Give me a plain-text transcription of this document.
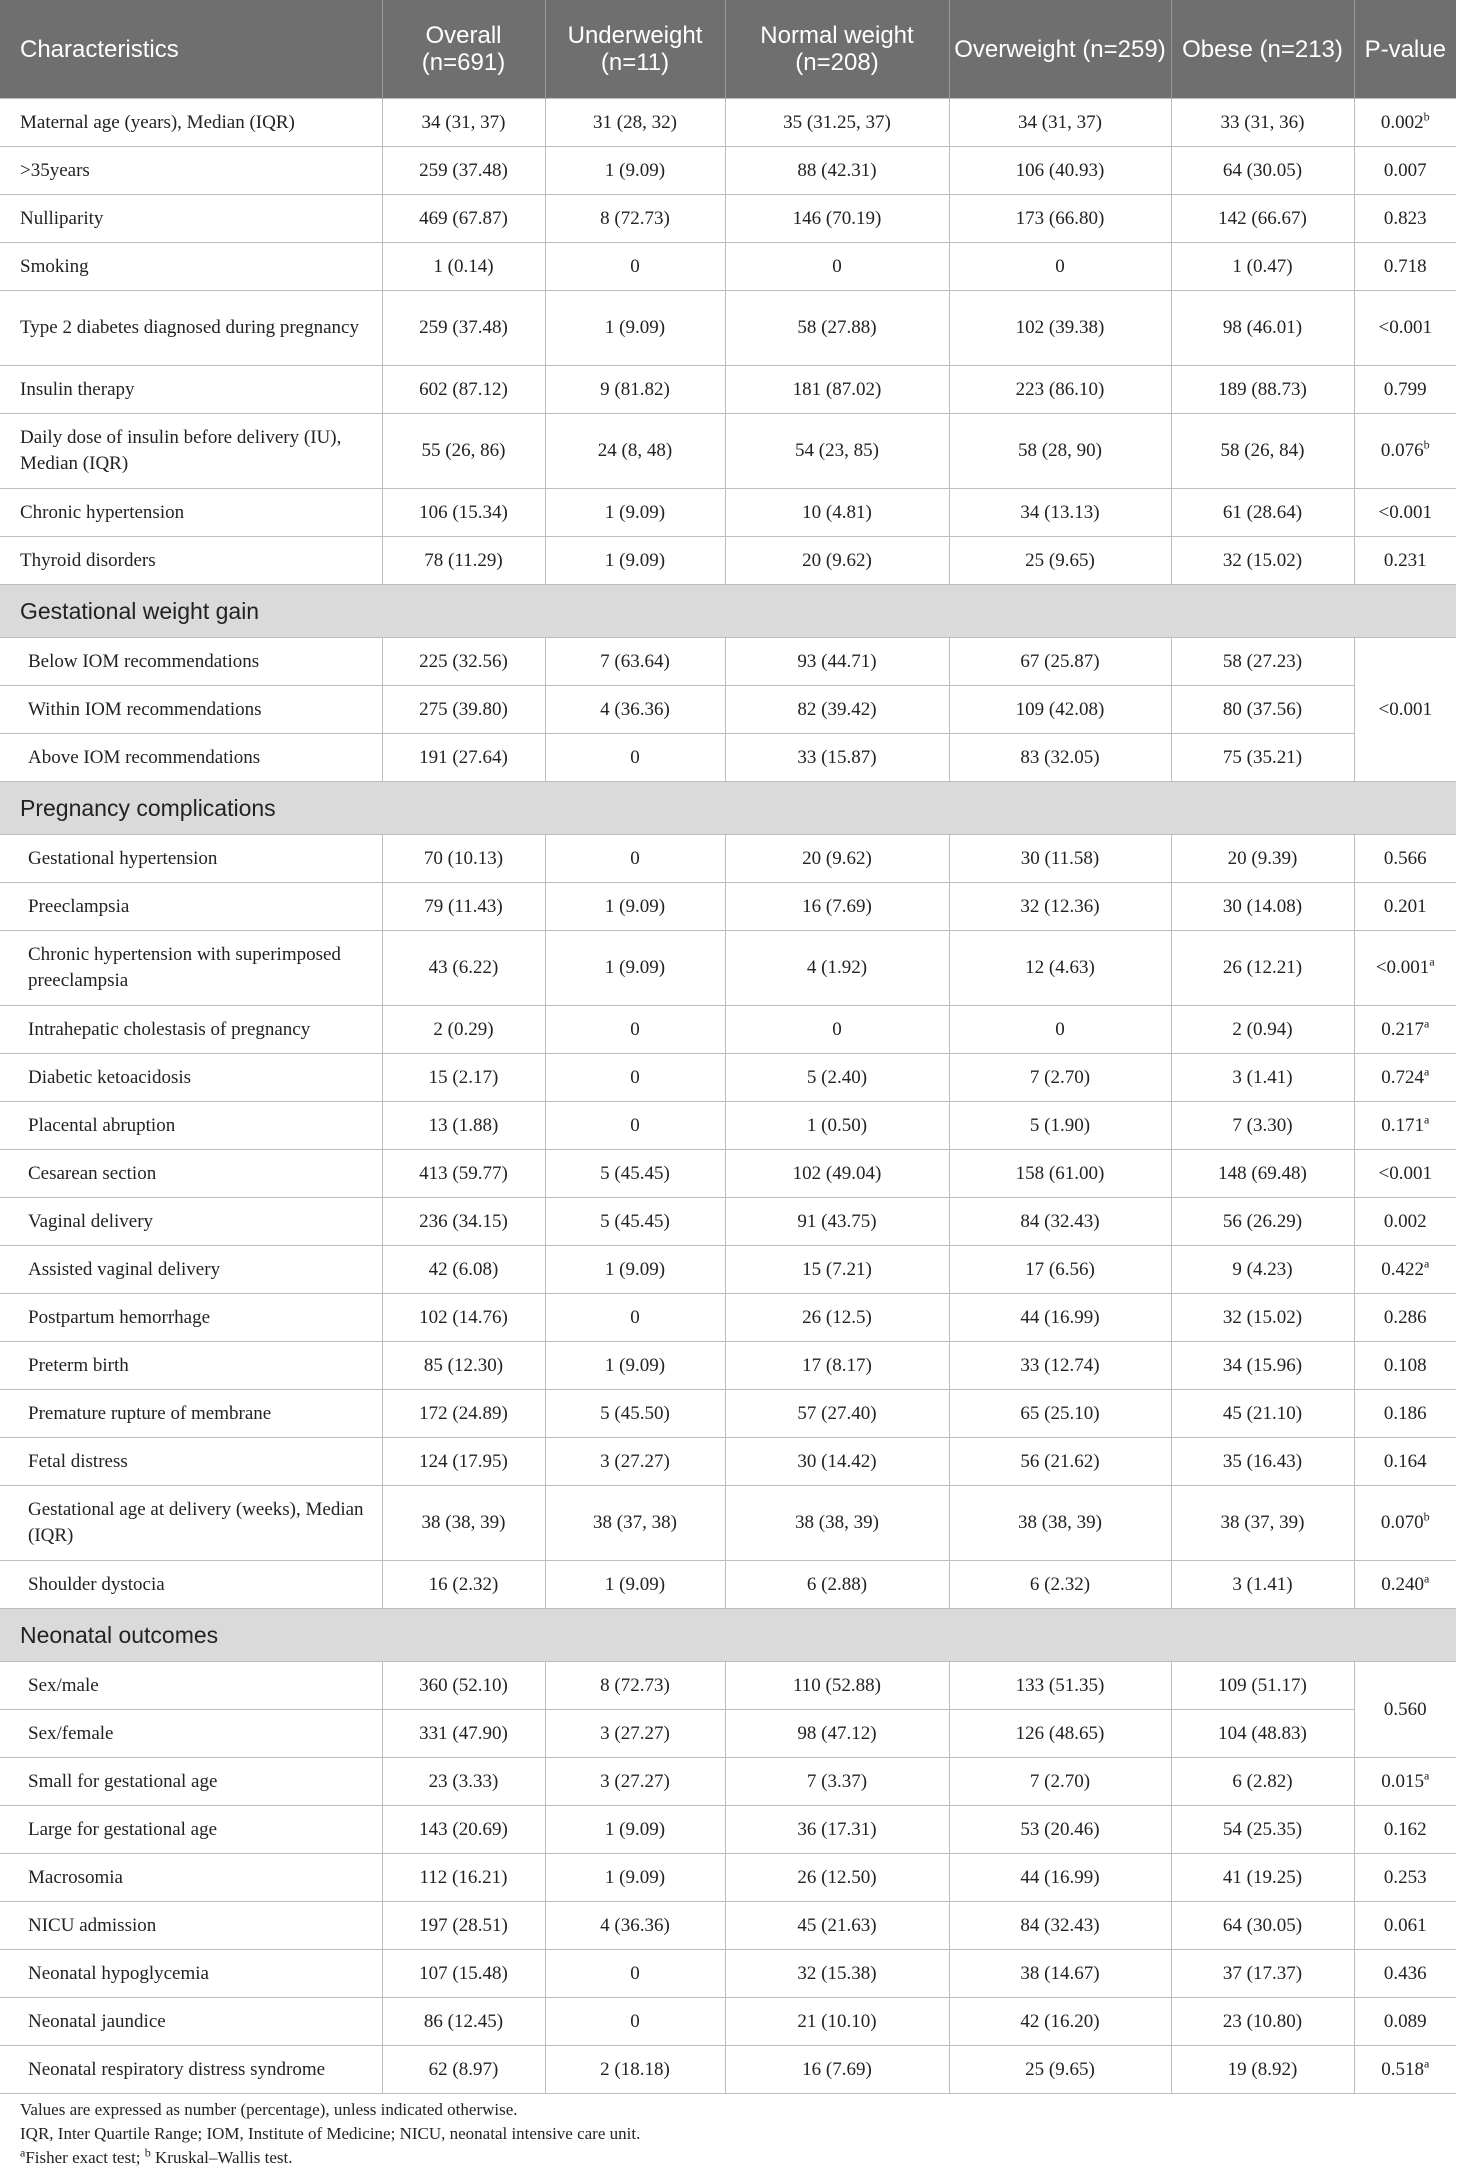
Characteristics	Overall (n=691)	Underweight (n=11)	Normal weight (n=208)	Overweight (n=259)	Obese (n=213)	P-value
Maternal age (years), Median (IQR)	34 (31, 37)	31 (28, 32)	35 (31.25, 37)	34 (31, 37)	33 (31, 36)	0.002$^b$
>35years	259 (37.48)	1 (9.09)	88 (42.31)	106 (40.93)	64 (30.05)	0.007
Nulliparity	469 (67.87)	8 (72.73)	146 (70.19)	173 (66.80)	142 (66.67)	0.823
Smoking	1 (0.14)	0	0	0	1 (0.47)	0.718
Type 2 diabetes diagnosed during pregnancy	259 (37.48)	1 (9.09)	58 (27.88)	102 (39.38)	98 (46.01)	<0.001
Insulin therapy	602 (87.12)	9 (81.82)	181 (87.02)	223 (86.10)	189 (88.73)	0.799
Daily dose of insulin before delivery (IU), Median (IQR)	55 (26, 86)	24 (8, 48)	54 (23, 85)	58 (28, 90)	58 (26, 84)	0.076$^b$
Chronic hypertension	106 (15.34)	1 (9.09)	10 (4.81)	34 (13.13)	61 (28.64)	<0.001
Thyroid disorders	78 (11.29)	1 (9.09)	20 (9.62)	25 (9.65)	32 (15.02)	0.231
Gestational weight gain						
Below IOM recommendations	225 (32.56)	7 (63.64)	93 (44.71)	67 (25.87)	58 (27.23)	<0.001
Within IOM recommendations	275 (39.80)	4 (36.36)	82 (39.42)	109 (42.08)	80 (37.56)	
Above IOM recommendations	191 (27.64)	0	33 (15.87)	83 (32.05)	75 (35.21)	
Pregnancy complications						
Gestational hypertension	70 (10.13)	0	20 (9.62)	30 (11.58)	20 (9.39)	0.566
Preeclampsia	79 (11.43)	1 (9.09)	16 (7.69)	32 (12.36)	30 (14.08)	0.201
Chronic hypertension with superimposed preeclampsia	43 (6.22)	1 (9.09)	4 (1.92)	12 (4.63)	26 (12.21)	<0.001$^a$
Intrahepatic cholestasis of pregnancy	2 (0.29)	0	0	0	2 (0.94)	0.217$^a$
Diabetic ketoacidosis	15 (2.17)	0	5 (2.40)	7 (2.70)	3 (1.41)	0.724$^a$
Placental abruption	13 (1.88)	0	1 (0.50)	5 (1.90)	7 (3.30)	0.171$^a$
Cesarean section	413 (59.77)	5 (45.45)	102 (49.04)	158 (61.00)	148 (69.48)	<0.001
Vaginal delivery	236 (34.15)	5 (45.45)	91 (43.75)	84 (32.43)	56 (26.29)	0.002
Assisted vaginal delivery	42 (6.08)	1 (9.09)	15 (7.21)	17 (6.56)	9 (4.23)	0.422$^a$
Postpartum hemorrhage	102 (14.76)	0	26 (12.5)	44 (16.99)	32 (15.02)	0.286
Preterm birth	85 (12.30)	1 (9.09)	17 (8.17)	33 (12.74)	34 (15.96)	0.108
Premature rupture of membrane	172 (24.89)	5 (45.50)	57 (27.40)	65 (25.10)	45 (21.10)	0.186
Fetal distress	124 (17.95)	3 (27.27)	30 (14.42)	56 (21.62)	35 (16.43)	0.164
Gestational age at delivery (weeks), Median (IQR)	38 (38, 39)	38 (37, 38)	38 (38, 39)	38 (38, 39)	38 (37, 39)	0.070$^b$
Shoulder dystocia	16 (2.32)	1 (9.09)	6 (2.88)	6 (2.32)	3 (1.41)	0.240$^a$
Neonatal outcomes						
Sex/male	360 (52.10)	8 (72.73)	110 (52.88)	133 (51.35)	109 (51.17)	0.560
Sex/female	331 (47.90)	3 (27.27)	98 (47.12)	126 (48.65)	104 (48.83)	
Small for gestational age	23 (3.33)	3 (27.27)	7 (3.37)	7 (2.70)	6 (2.82)	0.015$^a$
Large for gestational age	143 (20.69)	1 (9.09)	36 (17.31)	53 (20.46)	54 (25.35)	0.162
Macrosomia	112 (16.21)	1 (9.09)	26 (12.50)	44 (16.99)	41 (19.25)	0.253
NICU admission	197 (28.51)	4 (36.36)	45 (21.63)	84 (32.43)	64 (30.05)	0.061
Neonatal hypoglycemia	107 (15.48)	0	32 (15.38)	38 (14.67)	37 (17.37)	0.436
Neonatal jaundice	86 (12.45)	0	21 (10.10)	42 (16.20)	23 (10.80)	0.089
Neonatal respiratory distress syndrome	62 (8.97)	2 (18.18)	16 (7.69)	25 (9.65)	19 (8.92)	0.518$^a$
Values are expressed as number (percentage), unless indicated otherwise.
IQR, Inter Quartile Range; IOM, Institute of Medicine; NICU, neonatal intensive care unit.
$^a$Fisher exact test; $^b$ Kruskal–Wallis test.
